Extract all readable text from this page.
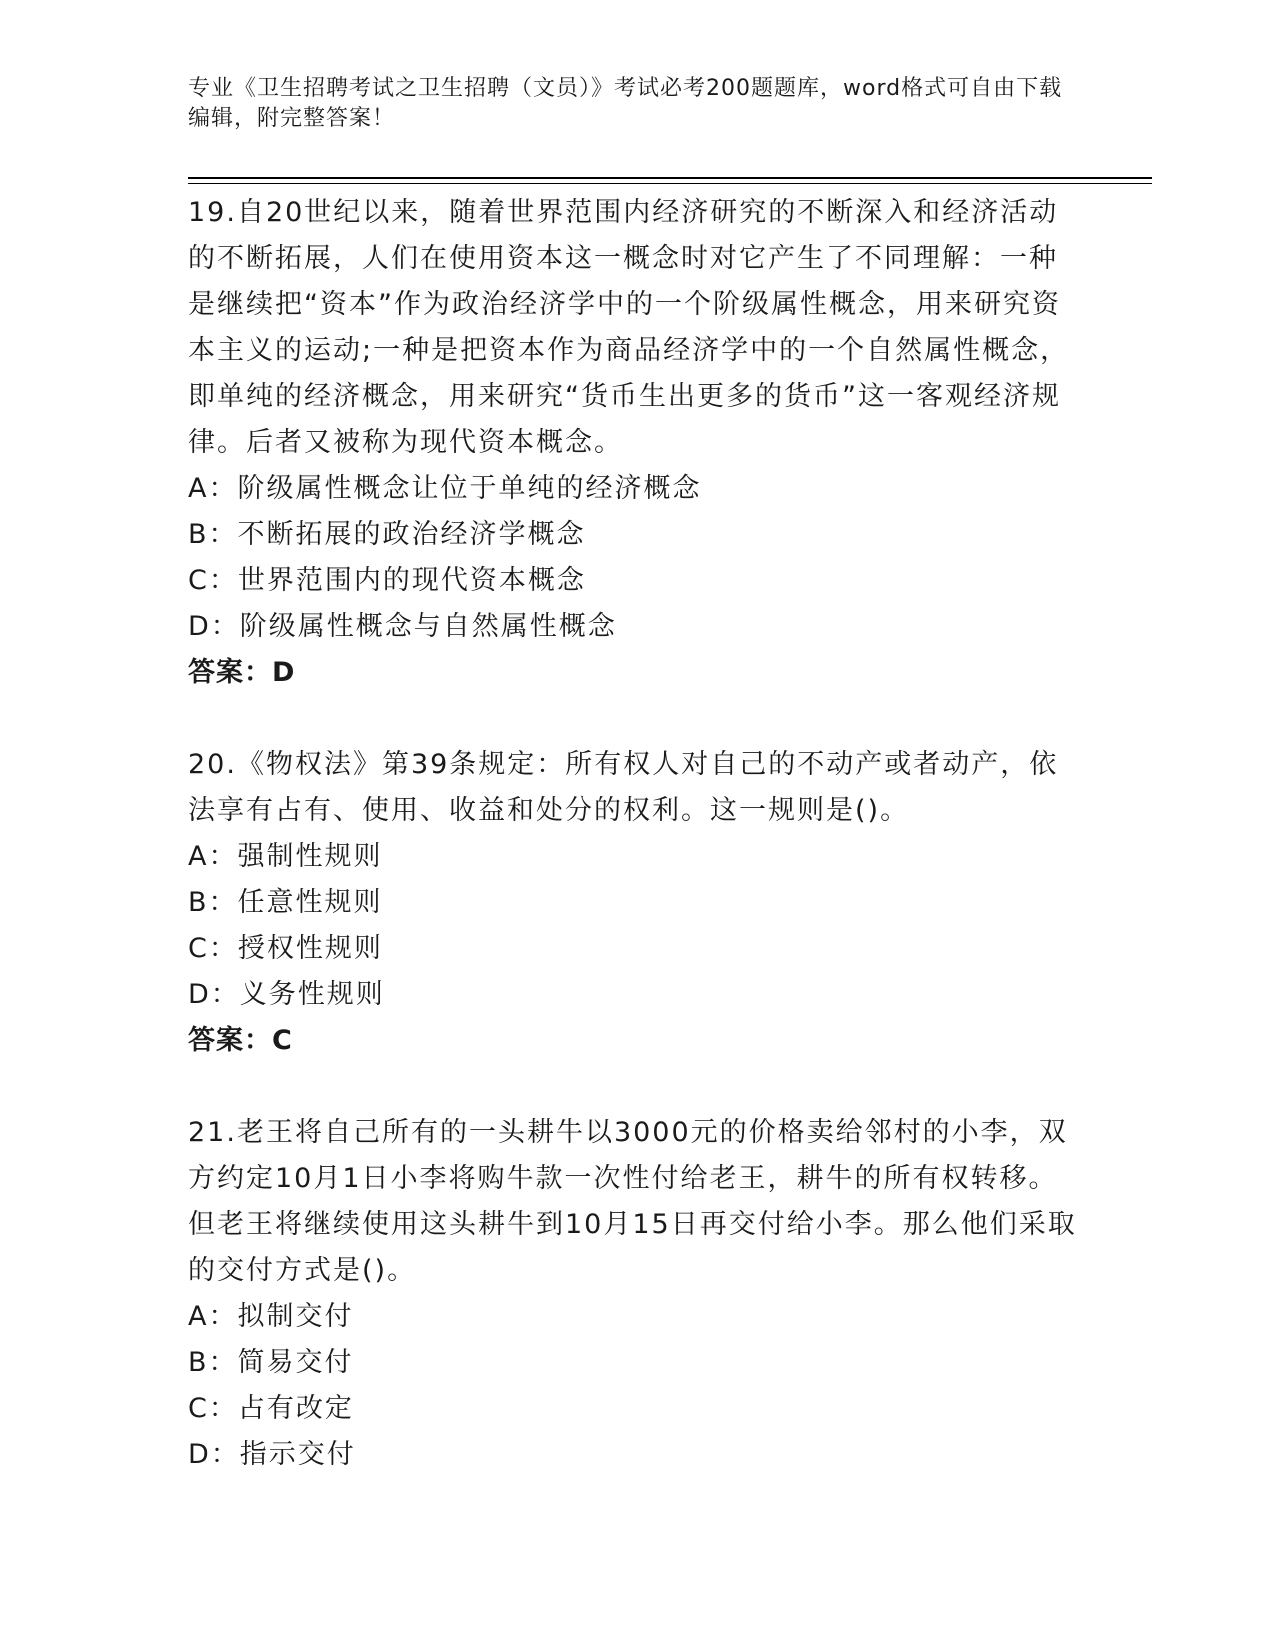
专业《卫生招聘考试之卫生招聘（文员）》考试必考200题题库，word格式可自由下载编辑，附完整答案！

19.自20世纪以来，随着世界范围内经济研究的不断深入和经济活动的不断拓展，人们在使用资本这一概念时对它产生了不同理解：一种是继续把“资本”作为政治经济学中的一个阶级属性概念，用来研究资本主义的运动;一种是把资本作为商品经济学中的一个自然属性概念，即单纯的经济概念，用来研究“货币生出更多的货币”这一客观经济规律。后者又被称为现代资本概念。

A：阶级属性概念让位于单纯的经济概念

B：不断拓展的政治经济学概念

C：世界范围内的现代资本概念

D：阶级属性概念与自然属性概念

答案：D

20.《物权法》第39条规定：所有权人对自己的不动产或者动产，依法享有占有、使用、收益和处分的权利。这一规则是()。

A：强制性规则

B：任意性规则

C：授权性规则

D：义务性规则

答案：C

21.老王将自己所有的一头耕牛以3000元的价格卖给邻村的小李，双方约定10月1日小李将购牛款一次性付给老王，耕牛的所有权转移。但老王将继续使用这头耕牛到10月15日再交付给小李。那么他们采取的交付方式是()。

A：拟制交付

B：简易交付

C：占有改定

D：指示交付
